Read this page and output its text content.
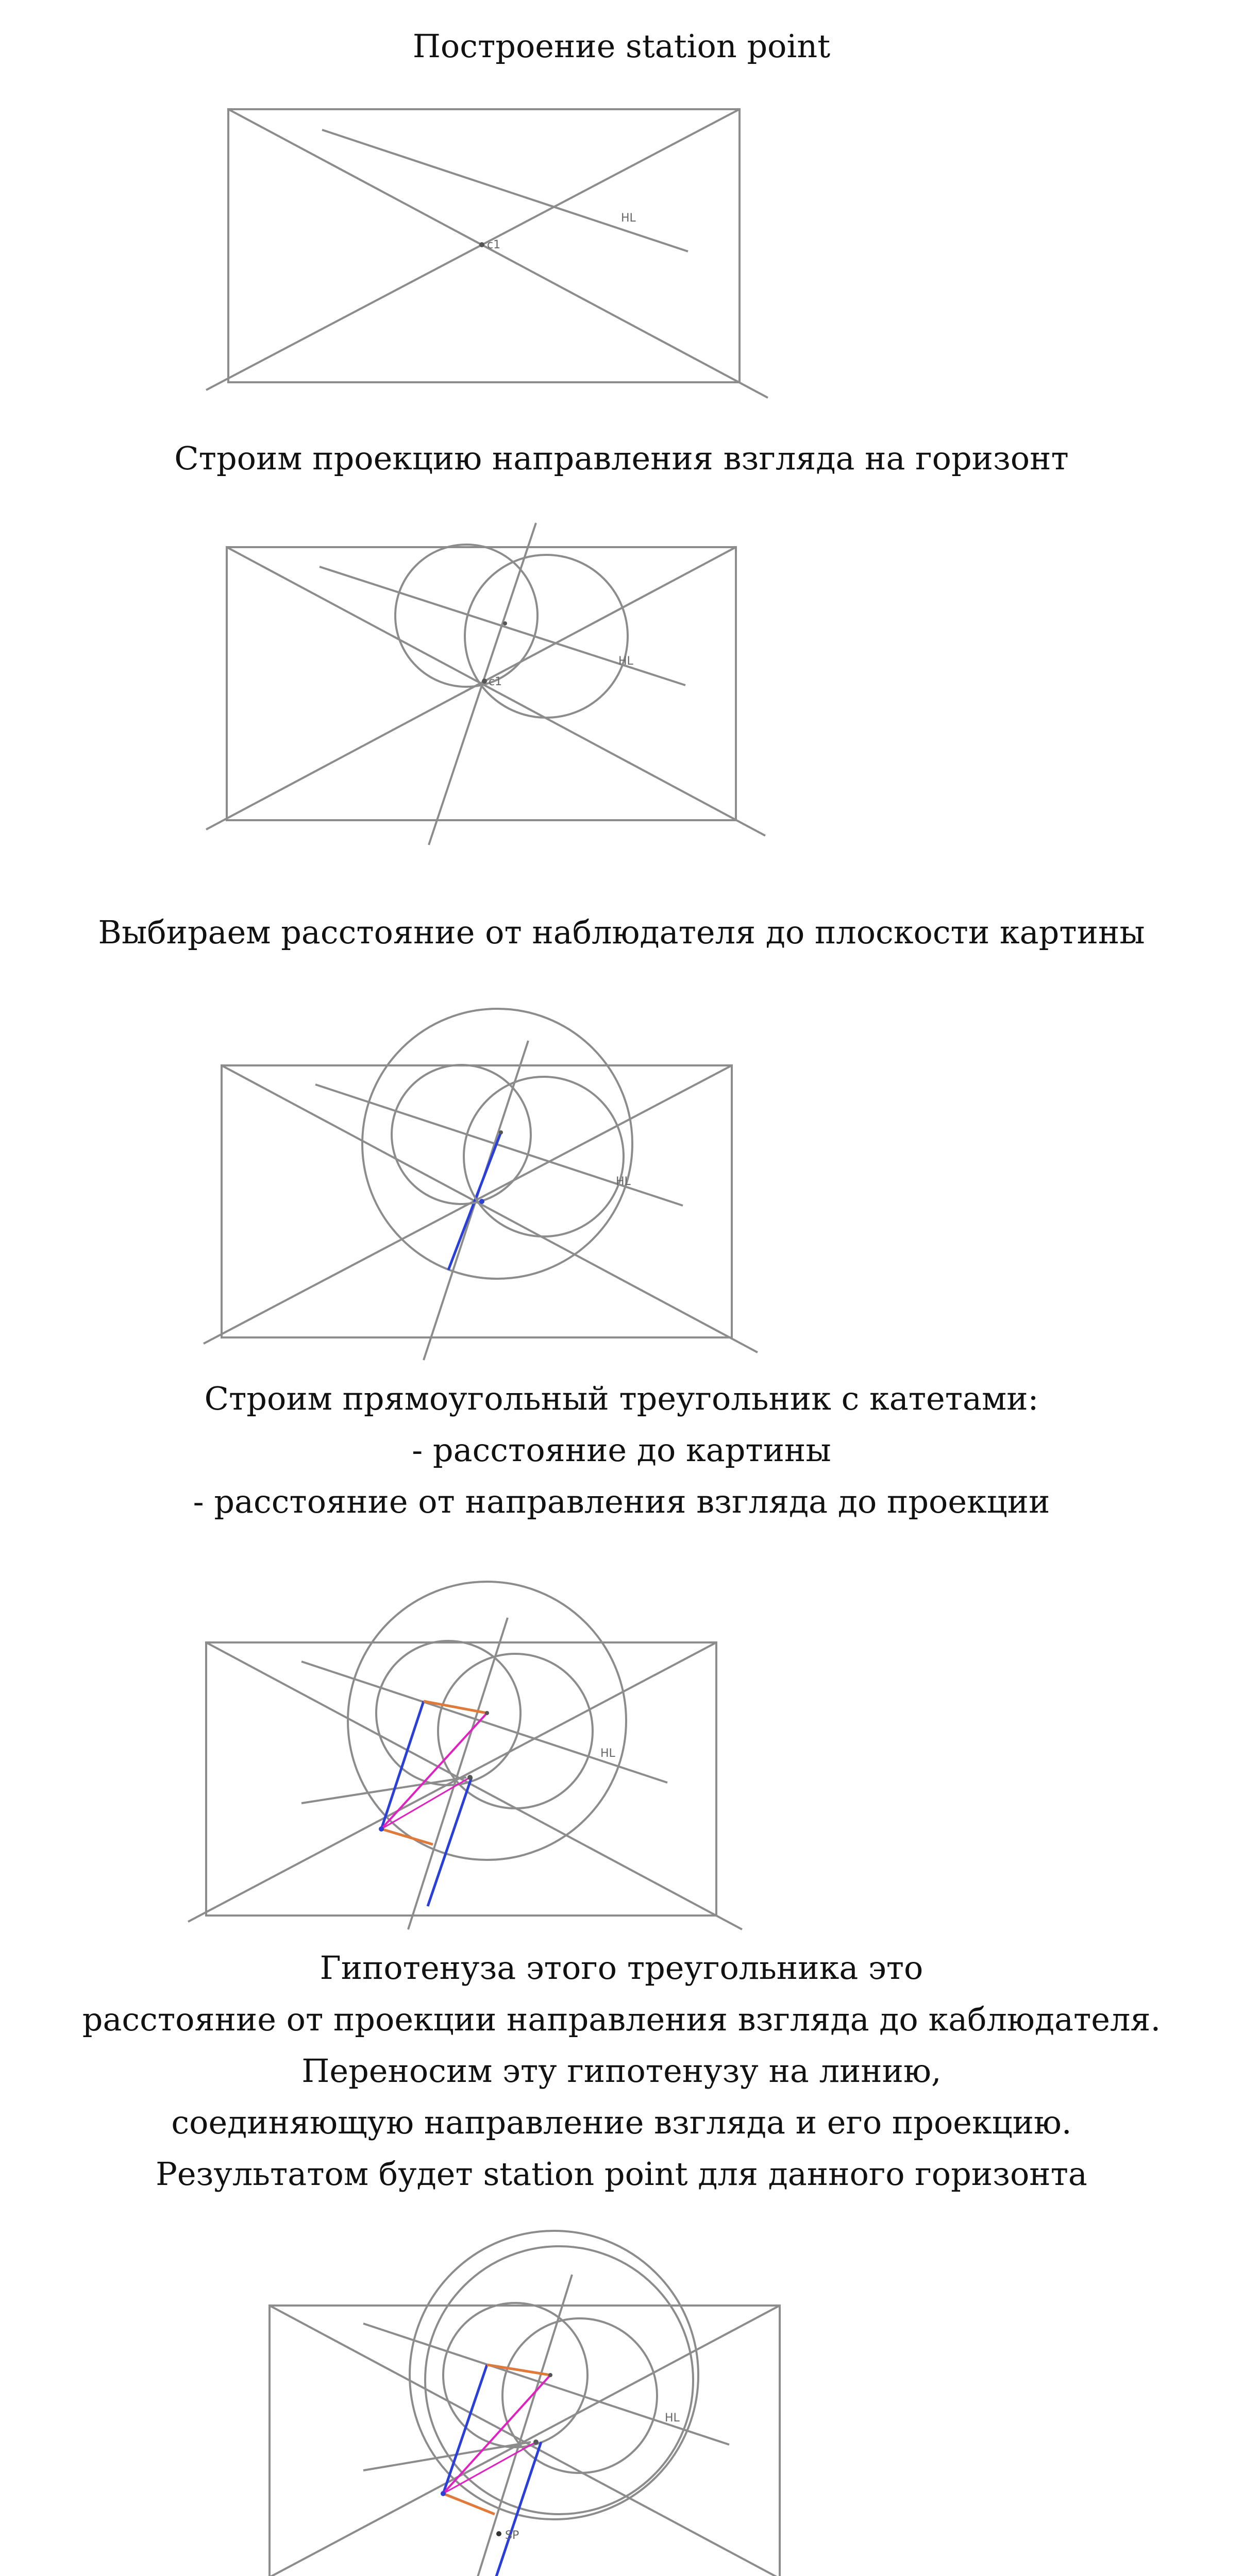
Построение station point

c1
HL

Строим проекцию направления взгляда на горизонт

c1
HL

Выбираем расстояние от наблюдателя до плоскости картины

HL

Строим прямоугольный треугольник с катетами:

- расстояние до картины

- расстояние от направления взгляда до проекции

HL

Гипотенуза этого треугольника это

расстояние от проекции направления взгляда до каблюдателя.

Переносим эту гипотенузу на линию,

соединяющую направление взгляда и его проекцию.

Результатом будет station point для данного горизонта

SP
HL
